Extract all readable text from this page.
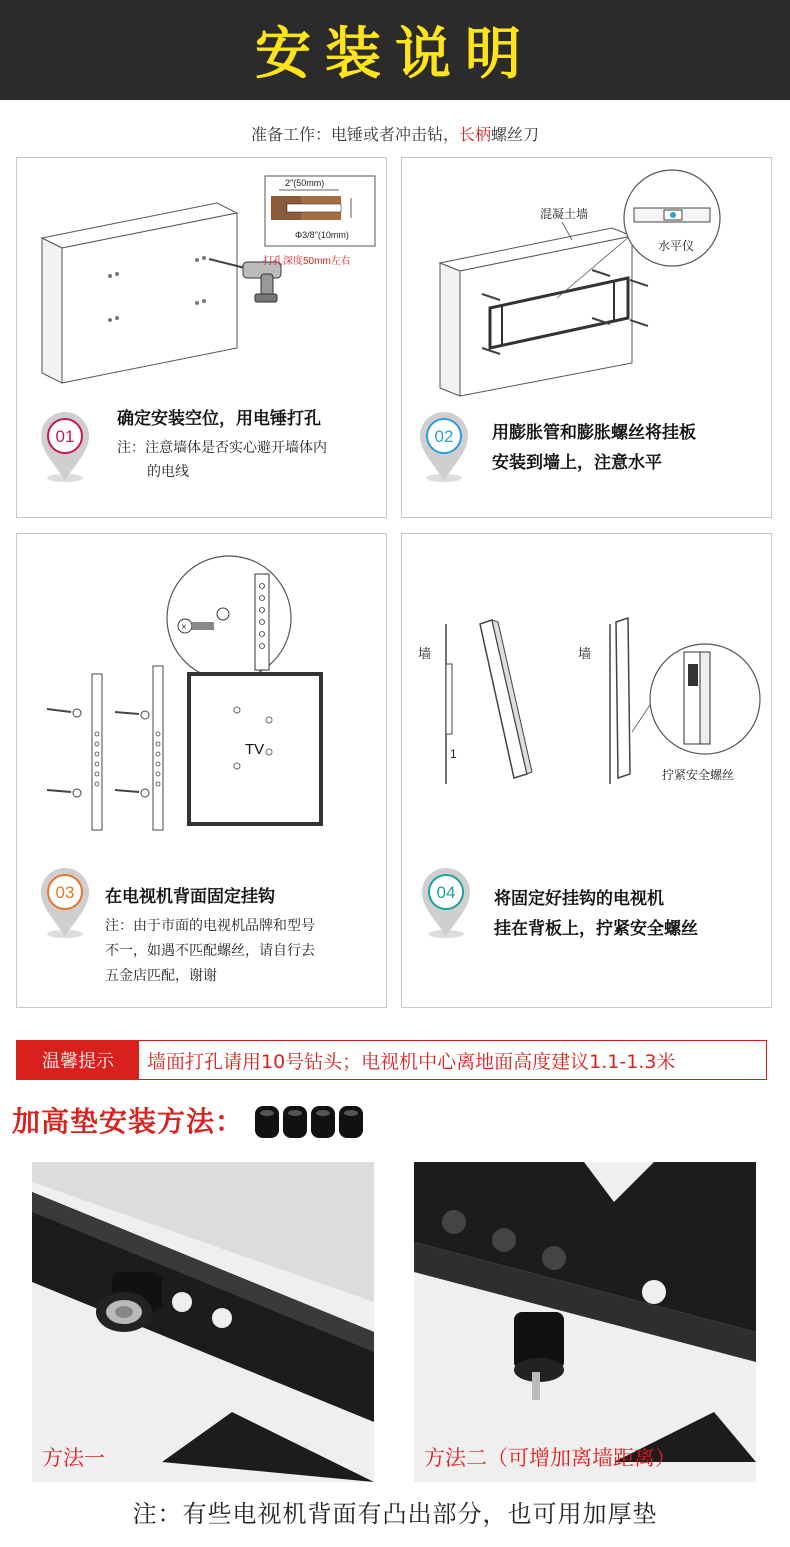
安装说明
准备工作：电锤或者冲击钻，长柄螺丝刀
2"(50mm)
Φ3/8"(10mm)
打孔深度50mm左右
01
确定安装空位，用电锤打孔
注：注意墙体是否实心避开墙体内
的电线
混凝土墙
水平仪
02 用膨胀管和膨胀螺丝将挂板
安装到墙上，注意水平
×
TV
03 在电视机背面固定挂钩
注：由于市面的电视机品牌和型号
不一，如遇不匹配螺丝，请自行去
五金店匹配，谢谢
墙
1
墙
拧紧安全螺丝
04 将固定好挂钩的电视机
挂在背板上，拧紧安全螺丝
温馨提示	墙面打孔请用10号钻头；电视机中心离地面高度建议1.1-1.3米
加高垫安装方法：
方法一	方法二（可增加离墙距离）
注：有些电视机背面有凸出部分，也可用加厚垫
